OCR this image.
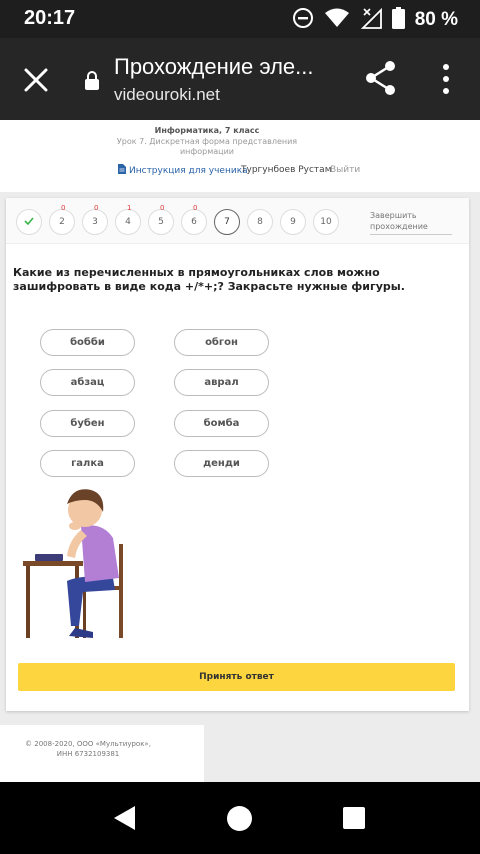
20:17	80 %
Прохождение эле...
videouroki.net
Информатика, 7 класс
Урок 7. Дискретная форма представления информации
Инструкция для ученика
Тургунбоев Рустам
Выйти
2
0
3
0
4
1
5
0
6
0
7	8	9	10
Завершить прохождение
Какие из перечисленных в прямоугольниках слов можно зашифровать в виде кода +/*+;? Закрасьте нужные фигуры.
бобби	обгон
абзац	аврал
бубен	бомба
галка	денди
Принять ответ
© 2008-2020, ООО «Мультиурок»,
ИНН 6732109381
